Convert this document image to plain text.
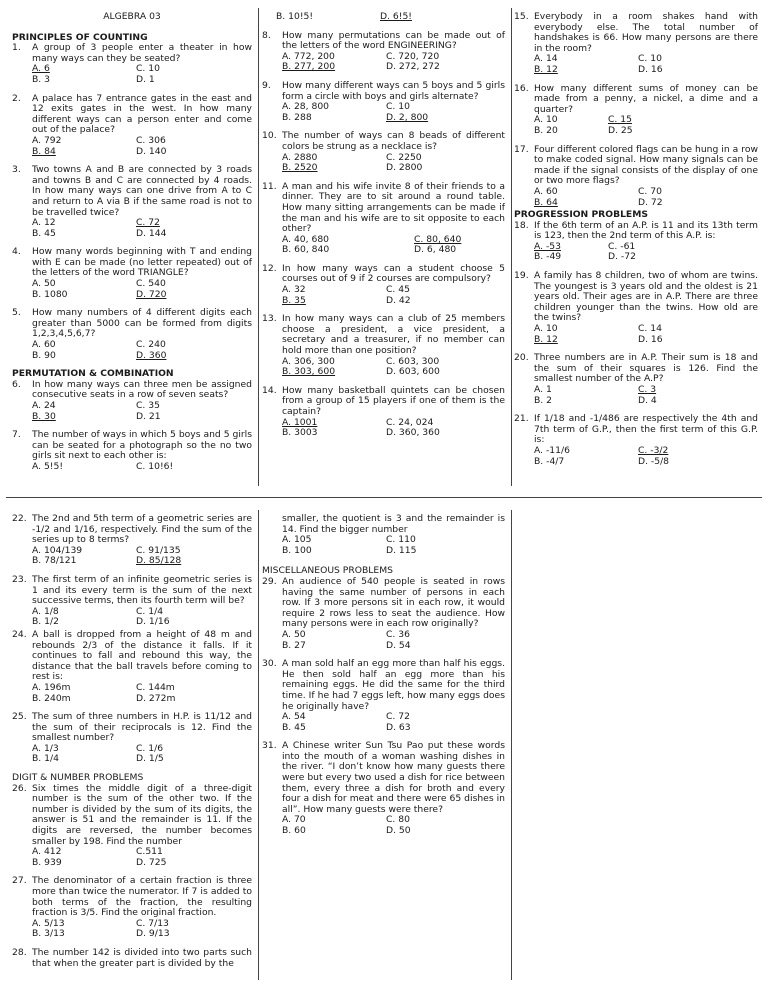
ALGEBRA 03
PRINCIPLES OF COUNTING
1. A group of 3 people enter a theater in how many ways can they be seated?
A. 6	C. 10
B. 3	D. 1
2. A palace has 7 entrance gates in the east and 12 exits gates in the west. In how many different ways can a person enter and come out of the palace?
A. 792	C. 306
B. 84	D. 140
3. Two towns A and B are connected by 3 roads and towns B and C are connected by 4 roads. In how many ways can one drive from A to C and return to A via B if the same road is not to be travelled twice?
A. 12	C. 72
B. 45	D. 144
4. How many words beginning with T and ending with E can be made (no letter repeated) out of the letters of the word TRIANGLE?
A. 50	C. 540
B. 1080	D. 720
5. How many numbers of 4 different digits each greater than 5000 can be formed from digits 1,2,3,4,5,6,7?
A. 60	C. 240
B. 90	D. 360
PERMUTATION & COMBINATION
6. In how many ways can three men be assigned consecutive seats in a row of seven seats?
A. 24	C. 35
B. 30	D. 21
7. The number of ways in which 5 boys and 5 girls can be seated for a photograph so the no two girls sit next to each other is:
A. 5!5!	C. 10!6!
B. 10!5!	D. 6!5!
8. How many permutations can be made out of the letters of the word ENGINEERING?
A. 772, 200	C. 720, 720
B. 277, 200	D. 272, 272
9. How many different ways can 5 boys and 5 girls form a circle with boys and girls alternate?
A. 28, 800	C. 10
B. 288	D. 2, 800
10. The number of ways can 8 beads of different colors be strung as a necklace is?
A. 2880	C. 2250
B. 2520	D. 2800
11. A man and his wife invite 8 of their friends to a dinner. They are to sit around a round table. How many sitting arrangements can be made if the man and his wife are to sit opposite to each other?
A. 40, 680	C. 80, 640
B. 60, 840	D. 6, 480
12. In how many ways can a student choose 5 courses out of 9 if 2 courses are compulsory?
A. 32	C. 45
B. 35	D. 42
13. In how many ways can a club of 25 members choose a president, a vice president, a secretary and a treasurer, if no member can hold more than one position?
A. 306, 300	C. 603, 300
B. 303, 600	D. 603, 600
14. How many basketball quintets can be chosen from a group of 15 players if one of them is the captain?
A. 1001	C. 24, 024
B. 3003	D. 360, 360
15. Everybody in a room shakes hand with everybody else. The total number of handshakes is 66. How many persons are there in the room?
A. 14	C. 10
B. 12	D. 16
16. How many different sums of money can be made from a penny, a nickel, a dime and a quarter?
A. 10	C. 15
B. 20	D. 25
17. Four different colored flags can be hung in a row to make coded signal. How many signals can be made if the signal consists of the display of one or two more flags?
A. 60	C. 70
B. 64	D. 72
PROGRESSION PROBLEMS
18. If the 6th term of an A.P. is 11 and its 13th term is 123, then the 2nd term of this A.P. is:
A. -53	C. -61
B. -49	D. -72
19. A family has 8 children, two of whom are twins. The youngest is 3 years old and the oldest is 21 years old. Their ages are in A.P. There are three children younger than the twins. How old are the twins?
A. 10	C. 14
B. 12	D. 16
20. Three numbers are in A.P. Their sum is 18 and the sum of their squares is 126. Find the smallest number of the A.P?
A. 1	C. 3
B. 2	D. 4
21. If 1/18 and -1/486 are respectively the 4th and 7th term of G.P., then the first term of this G.P. is:
A. -11/6	C. -3/2
B. -4/7	D. -5/8
22. The 2nd and 5th term of a geometric series are -1/2 and 1/16, respectively. Find the sum of the series up to 8 terms?
A. 104/139	C. 91/135
B. 78/121	D. 85/128
23. The first term of an infinite geometric series is 1 and its every term is the sum of the next successive terms, then its fourth term will be?
A. 1/8	C. 1/4
B. 1/2	D. 1/16
24. A ball is dropped from a height of 48 m and rebounds 2/3 of the distance it falls. If it continues to fall and rebound this way, the distance that the ball travels before coming to rest is:
A. 196m	C. 144m
B. 240m	D. 272m
25. The sum of three numbers in H.P. is 11/12 and the sum of their reciprocals is 12. Find the smallest number?
A. 1/3	C. 1/6
B. 1/4	D. 1/5
DIGIT & NUMBER PROBLEMS
26. Six times the middle digit of a three-digit number is the sum of the other two. If the number is divided by the sum of its digits, the answer is 51 and the remainder is 11. If the digits are reversed, the number becomes smaller by 198. Find the number
A. 412	C.511
B. 939	D. 725
27. The denominator of a certain fraction is three more than twice the numerator. If 7 is added to both terms of the fraction, the resulting fraction is 3/5. Find the original fraction.
A. 5/13	C. 7/13
B. 3/13	D. 9/13
28. The number 142 is divided into two parts such that when the greater part is divided by the
smaller, the quotient is 3 and the remainder is 14. Find the bigger number
A. 105	C. 110
B. 100	D. 115
MISCELLANEOUS PROBLEMS
29. An audience of 540 people is seated in rows having the same number of persons in each row. If 3 more persons sit in each row, it would require 2 rows less to seat the audience. How many persons were in each row originally?
A. 50	C. 36
B. 27	D. 54
30. A man sold half an egg more than half his eggs. He then sold half an egg more than his remaining eggs. He did the same for the third time. If he had 7 eggs left, how many eggs does he originally have?
A. 54	C. 72
B. 45	D. 63
31. A Chinese writer Sun Tsu Pao put these words into the mouth of a woman washing dishes in the river. “I don’t know how many guests there were but every two used a dish for rice between them, every three a dish for broth and every four a dish for meat and there were 65 dishes in all”. How many guests were there?
A. 70	C. 80
B. 60	D. 50
